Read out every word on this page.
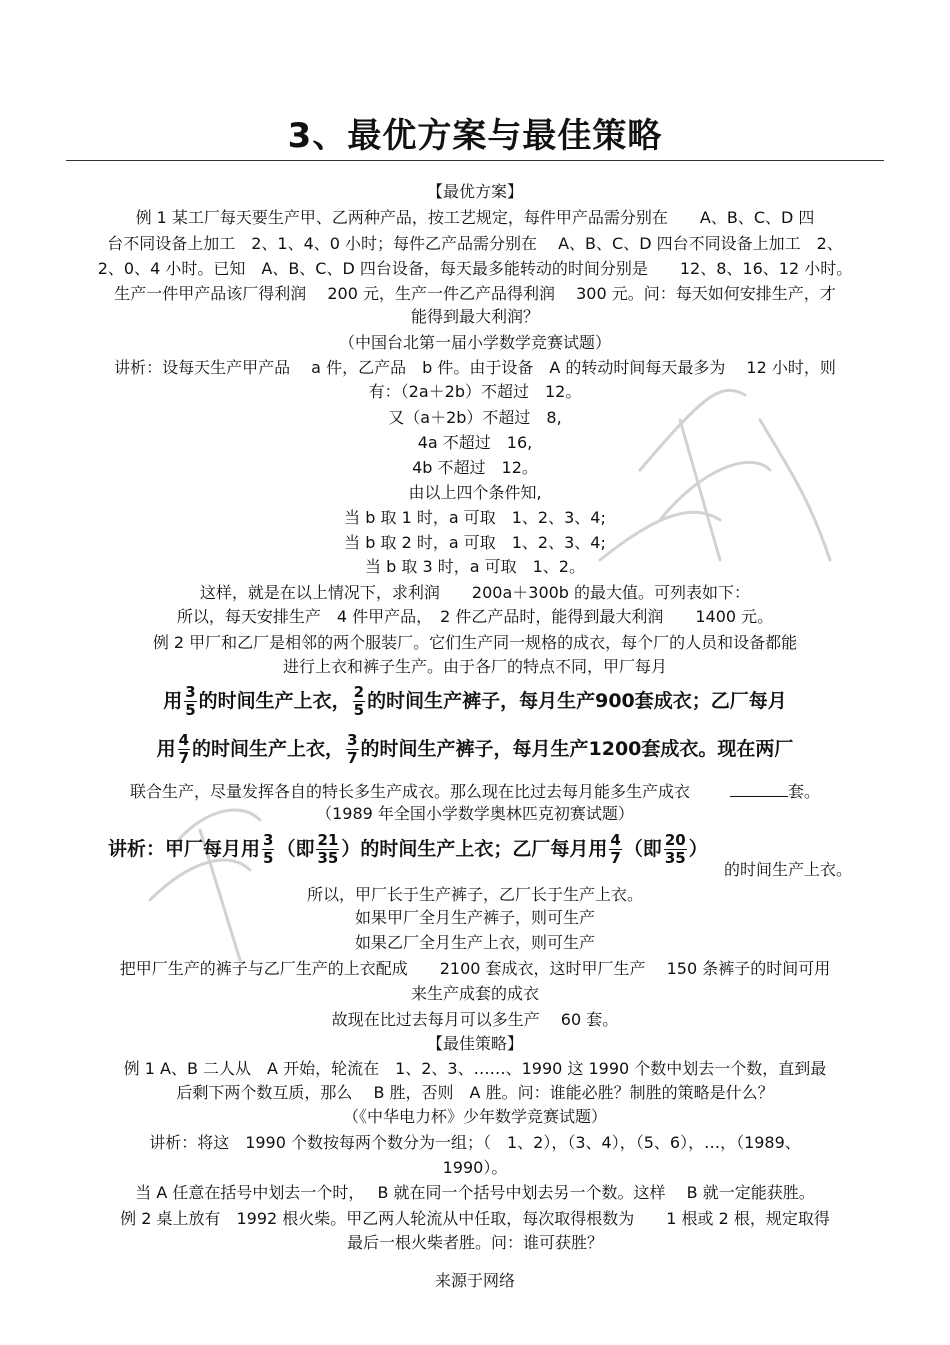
3、最优方案与最佳策略
【最优方案】
例 1 某工厂每天要生产甲、乙两种产品，按工艺规定，每件甲产品需分别在　　A、B、C、D 四
台不同设备上加工　2、1、4、0 小时；每件乙产品需分别在　 A、B、C、D 四台不同设备上加工　2、
2、0、4 小时。已知　A、B、C、D 四台设备，每天最多能转动的时间分别是　　12、8、16、12 小时。
生产一件甲产品该厂得利润　 200 元，生产一件乙产品得利润　 300 元。问：每天如何安排生产，才
能得到最大利润？
（中国台北第一届小学数学竞赛试题）
讲析：设每天生产甲产品　 a 件，乙产品　b 件。由于设备　A 的转动时间每天最多为　 12 小时，则
有：（2a＋2b）不超过　12。
又（a＋2b）不超过　8,
4a 不超过　16,
4b 不超过　12。
由以上四个条件知,
当 b 取 1 时，a 可取　1、2、3、4;
当 b 取 2 时，a 可取　1、2、3、4;
当 b 取 3 时，a 可取　1、2。
这样，就是在以上情况下，求利润　　200a＋300b 的最大值。可列表如下：
所以，每天安排生产　4 件甲产品，　2 件乙产品时，能得到最大利润　　1400 元。
例 2 甲厂和乙厂是相邻的两个服装厂。它们生产同一规格的成衣，每个厂的人员和设备都能
进行上衣和裤子生产。由于各厂的特点不同，甲厂每月
用 $\frac{3}{5}$ 的时间生产上衣， $\frac{2}{5}$ 的时间生产裤子，每月生产900套成衣；乙厂每月
用 $\frac{4}{7}$ 的时间生产上衣， $\frac{3}{7}$ 的时间生产裤子，每月生产1200套成衣。现在两厂
联合生产，尽量发挥各自的特长多生产成衣。那么现在比过去每月能多生产成衣	套。
（1989 年全国小学数学奥林匹克初赛试题）
讲析：甲厂每月用 $\frac{3}{5}$ （即 $\frac{21}{35}$ ）的时间生产上衣；乙厂每月用 $\frac{4}{7}$ （即 $\frac{20}{35}$ ）
的时间生产上衣。
所以，甲厂长于生产裤子，乙厂长于生产上衣。
如果甲厂全月生产裤子，则可生产
如果乙厂全月生产上衣，则可生产
把甲厂生产的裤子与乙厂生产的上衣配成　　2100 套成衣，这时甲厂生产　 150 条裤子的时间可用
来生产成套的成衣
故现在比过去每月可以多生产　 60 套。
【最佳策略】
例 1 A、B 二人从　A 开始，轮流在　1、2、3、……、1990 这 1990 个数中划去一个数，直到最
后剩下两个数互质，那么　 B 胜，否则　A 胜。问：谁能必胜？制胜的策略是什么？
（《中华电力杯》少年数学竞赛试题）
讲析：将这　1990 个数按每两个数分为一组；（　1、2），（3、4），（5、6），…，（1989、
1990）。
当 A 任意在括号中划去一个时，　 B 就在同一个括号中划去另一个数。这样　 B 就一定能获胜。
例 2 桌上放有　1992 根火柴。甲乙两人轮流从中任取，每次取得根数为　　1 根或 2 根，规定取得
最后一根火柴者胜。问：谁可获胜？
来源于网络
